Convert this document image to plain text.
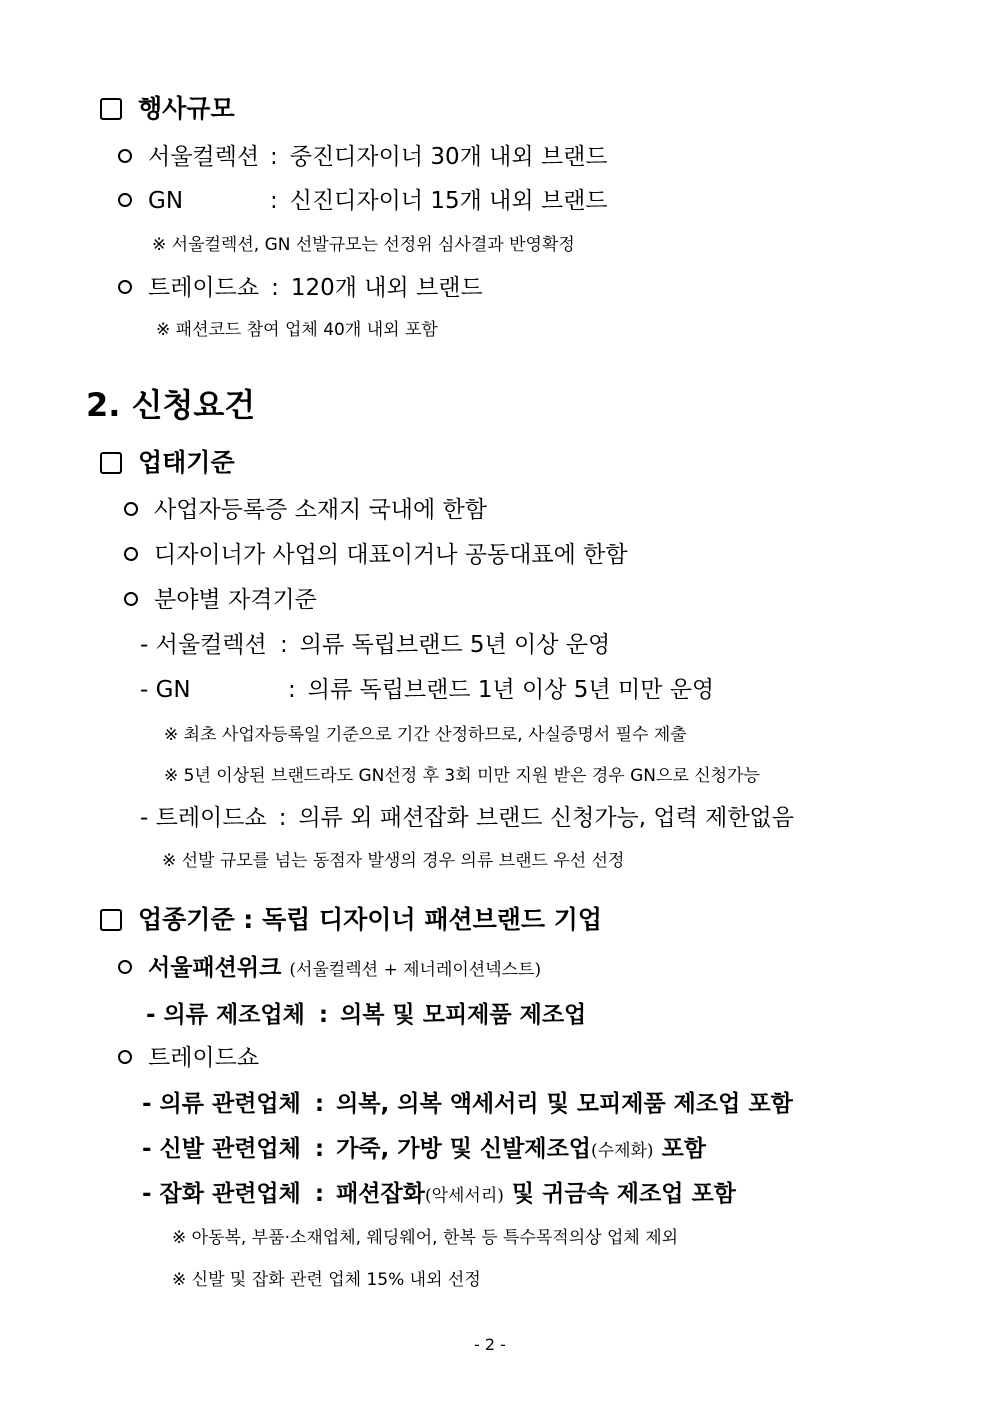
행사규모
서울컬렉션 : 중진디자이너 30개 내외 브랜드
GN	: 신진디자이너 15개 내외 브랜드
※ 서울컬렉션, GN 선발규모는 선정위 심사결과 반영확정
트레이드쇼 : 120개 내외 브랜드
※ 패션코드 참여 업체 40개 내외 포함
2. 신청요건
업태기준
사업자등록증 소재지 국내에 한함
디자이너가 사업의 대표이거나 공동대표에 한함
분야별 자격기준
- 서울컬렉션 : 의류 독립브랜드 5년 이상 운영
- GN	: 의류 독립브랜드 1년 이상 5년 미만 운영
※ 최초 사업자등록일 기준으로 기간 산정하므로, 사실증명서 필수 제출
※ 5년 이상된 브랜드라도 GN선정 후 3회 미만 지원 받은 경우 GN으로 신청가능
- 트레이드쇼 : 의류 외 패션잡화 브랜드 신청가능, 업력 제한없음
※ 선발 규모를 넘는 동점자 발생의 경우 의류 브랜드 우선 선정
업종기준 : 독립 디자이너 패션브랜드 기업
서울패션위크 (서울컬렉션 + 제너레이션넥스트)
- 의류 제조업체 : 의복 및 모피제품 제조업
트레이드쇼
- 의류 관련업체 : 의복, 의복 액세서리 및 모피제품 제조업 포함
- 신발 관련업체 : 가죽, 가방 및 신발제조업(수제화) 포함
- 잡화 관련업체 : 패션잡화(악세서리) 및 귀금속 제조업 포함
※ 아동복, 부품·소재업체, 웨딩웨어, 한복 등 특수목적의상 업체 제외
※ 신발 및 잡화 관련 업체 15% 내외 선정
- 2 -
